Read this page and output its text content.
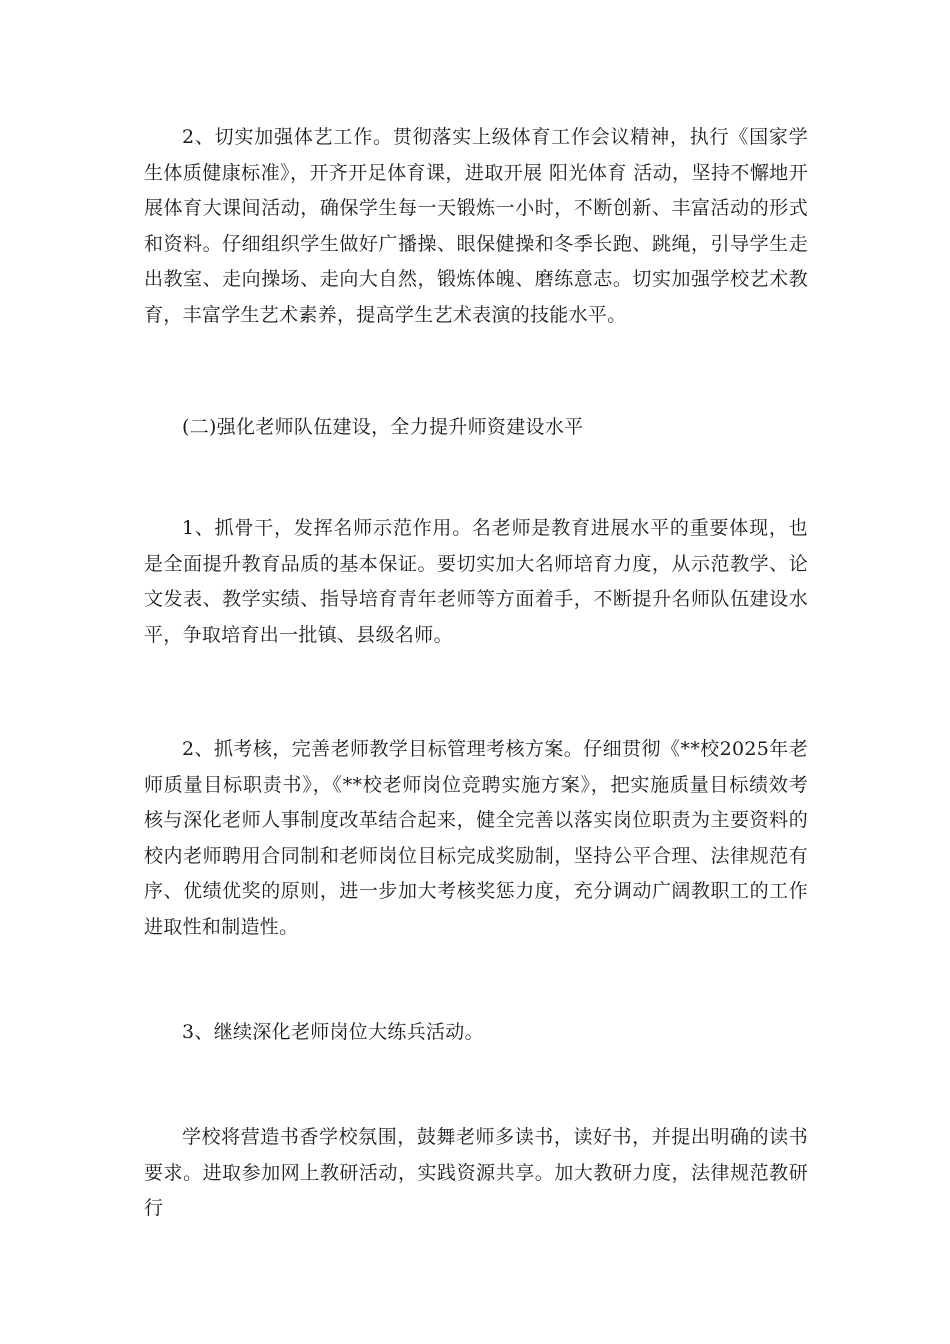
2、切实加强体艺工作。贯彻落实上级体育工作会议精神，执行《国家学生体质健康标准》，开齐开足体育课，进取开展 阳光体育 活动，坚持不懈地开展体育大课间活动，确保学生每一天锻炼一小时，不断创新、丰富活动的形式和资料。仔细组织学生做好广播操、眼保健操和冬季长跑、跳绳，引导学生走出教室、走向操场、走向大自然，锻炼体魄、磨练意志。切实加强学校艺术教育，丰富学生艺术素养，提高学生艺术表演的技能水平。

(二)强化老师队伍建设，全力提升师资建设水平

1、抓骨干，发挥名师示范作用。名老师是教育进展水平的重要体现，也是全面提升教育品质的基本保证。要切实加大名师培育力度，从示范教学、论文发表、教学实绩、指导培育青年老师等方面着手，不断提升名师队伍建设水平，争取培育出一批镇、县级名师。

2、抓考核，完善老师教学目标管理考核方案。仔细贯彻《**校2025年老师质量目标职责书》，《**校老师岗位竞聘实施方案》，把实施质量目标绩效考核与深化老师人事制度改革结合起来，健全完善以落实岗位职责为主要资料的校内老师聘用合同制和老师岗位目标完成奖励制，坚持公平合理、法律规范有序、优绩优奖的原则，进一步加大考核奖惩力度，充分调动广阔教职工的工作进取性和制造性。

3、继续深化老师岗位大练兵活动。

学校将营造书香学校氛围，鼓舞老师多读书，读好书，并提出明确的读书要求。进取参加网上教研活动，实践资源共享。加大教研力度，法律规范教研行
